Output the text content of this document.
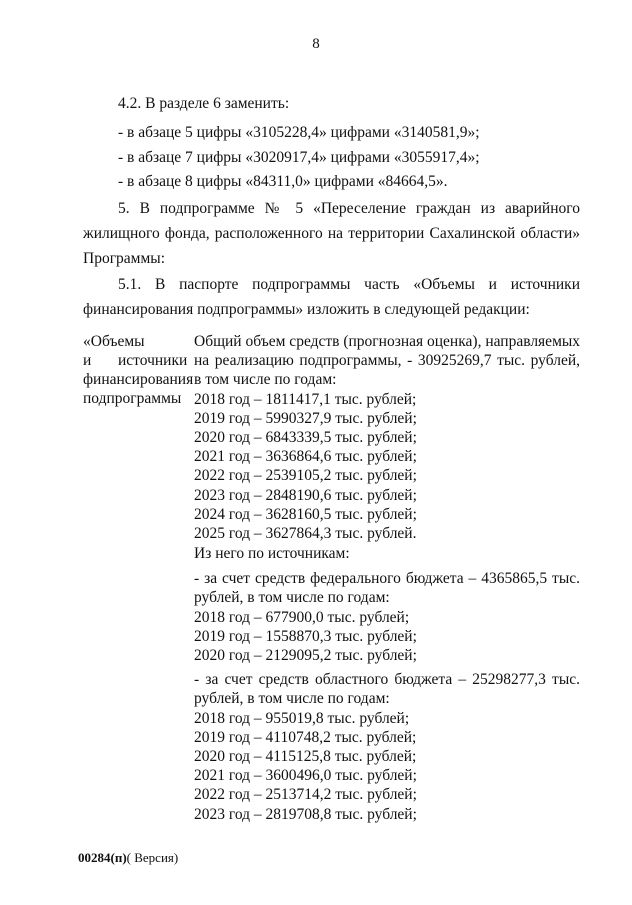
8
4.2. В разделе 6 заменить:
- в абзаце 5 цифры «3105228,4» цифрами «3140581,9»;
- в абзаце 7 цифры «3020917,4» цифрами «3055917,4»;
- в абзаце 8 цифры «84311,0» цифрами «84664,5».
5. В подпрограмме № 5 «Переселение граждан из аварийного
жилищного фонда, расположенного на территории Сахалинской области»
Программы:
5.1. В паспорте подпрограммы часть «Объемы и источники
финансирования подпрограммы» изложить в следующей редакции:
«Объемы
и источники
финансирования
подпрограммы
Общий объем средств (прогнозная оценка), направляемых
на реализацию подпрограммы, - 30925269,7 тыс. рублей,
в том числе по годам:
2018 год – 1811417,1 тыс. рублей;
2019 год – 5990327,9 тыс. рублей;
2020 год – 6843339,5 тыс. рублей;
2021 год – 3636864,6 тыс. рублей;
2022 год – 2539105,2 тыс. рублей;
2023 год – 2848190,6 тыс. рублей;
2024 год – 3628160,5 тыс. рублей;
2025 год – 3627864,3 тыс. рублей.
Из него по источникам:
- за счет средств федерального бюджета – 4365865,5 тыс.
рублей, в том числе по годам:
2018 год – 677900,0 тыс. рублей;
2019 год – 1558870,3 тыс. рублей;
2020 год – 2129095,2 тыс. рублей;
- за счет средств областного бюджета – 25298277,3 тыс.
рублей, в том числе по годам:
2018 год – 955019,8 тыс. рублей;
2019 год – 4110748,2 тыс. рублей;
2020 год – 4115125,8 тыс. рублей;
2021 год – 3600496,0 тыс. рублей;
2022 год – 2513714,2 тыс. рублей;
2023 год – 2819708,8 тыс. рублей;
00284(п)( Версия)
